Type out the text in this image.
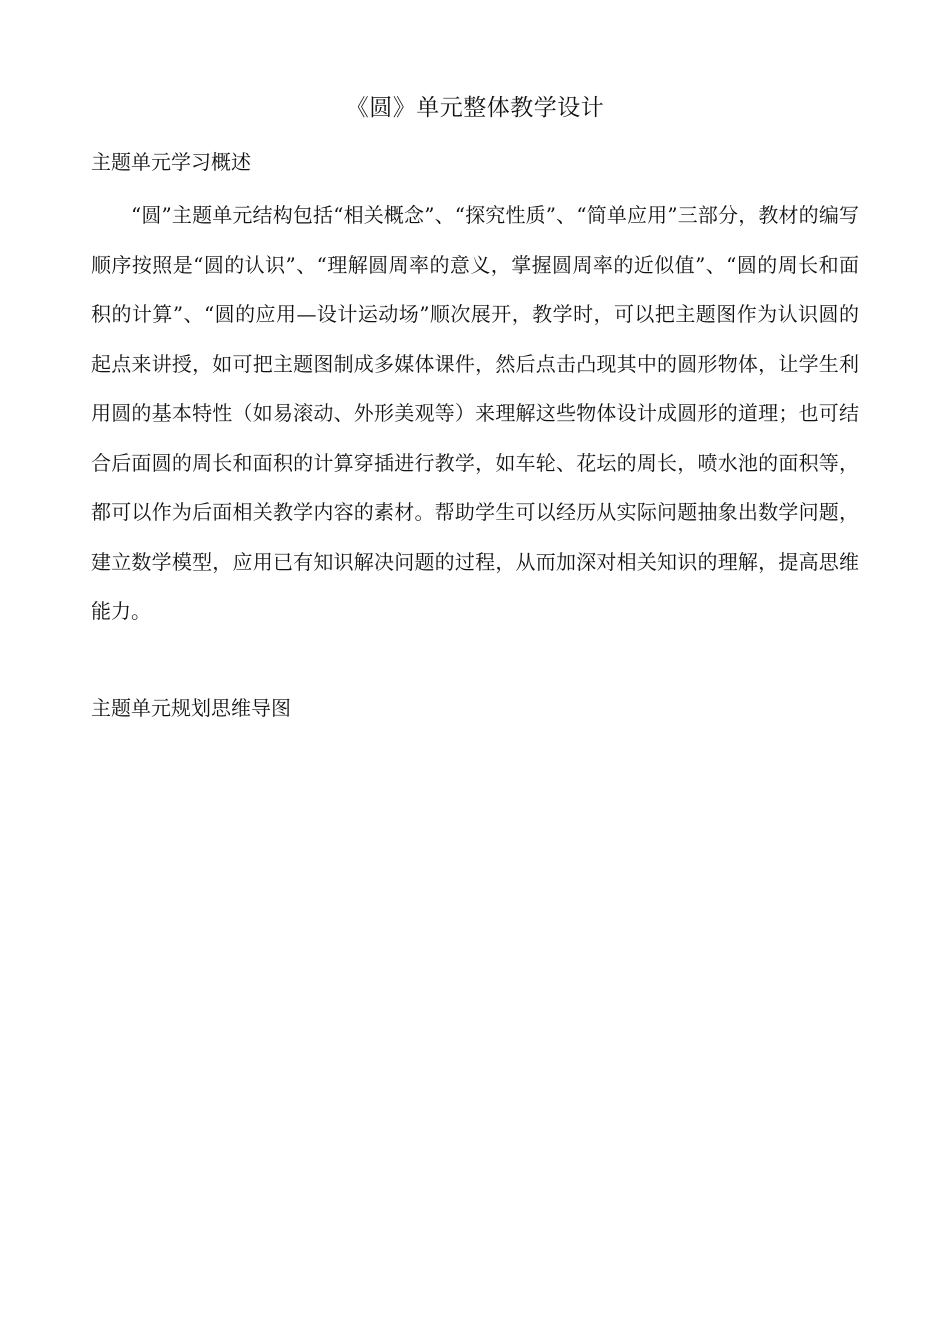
《圆》单元整体教学设计
主题单元学习概述

“圆”主题单元结构包括“相关概念”、“探究性质”、“简单应用”三部分，教材的编写顺序按照是“圆的认识”、“理解圆周率的意义，掌握圆周率的近似值”、“圆的周长和面积的计算”、“圆的应用—设计运动场”顺次展开，教学时，可以把主题图作为认识圆的起点来讲授，如可把主题图制成多媒体课件，然后点击凸现其中的圆形物体，让学生利用圆的基本特性（如易滚动、外形美观等）来理解这些物体设计成圆形的道理；也可结合后面圆的周长和面积的计算穿插进行教学，如车轮、花坛的周长，喷水池的面积等，都可以作为后面相关教学内容的素材。帮助学生可以经历从实际问题抽象出数学问题，建立数学模型，应用已有知识解决问题的过程，从而加深对相关知识的理解，提高思维能力。

主题单元规划思维导图
